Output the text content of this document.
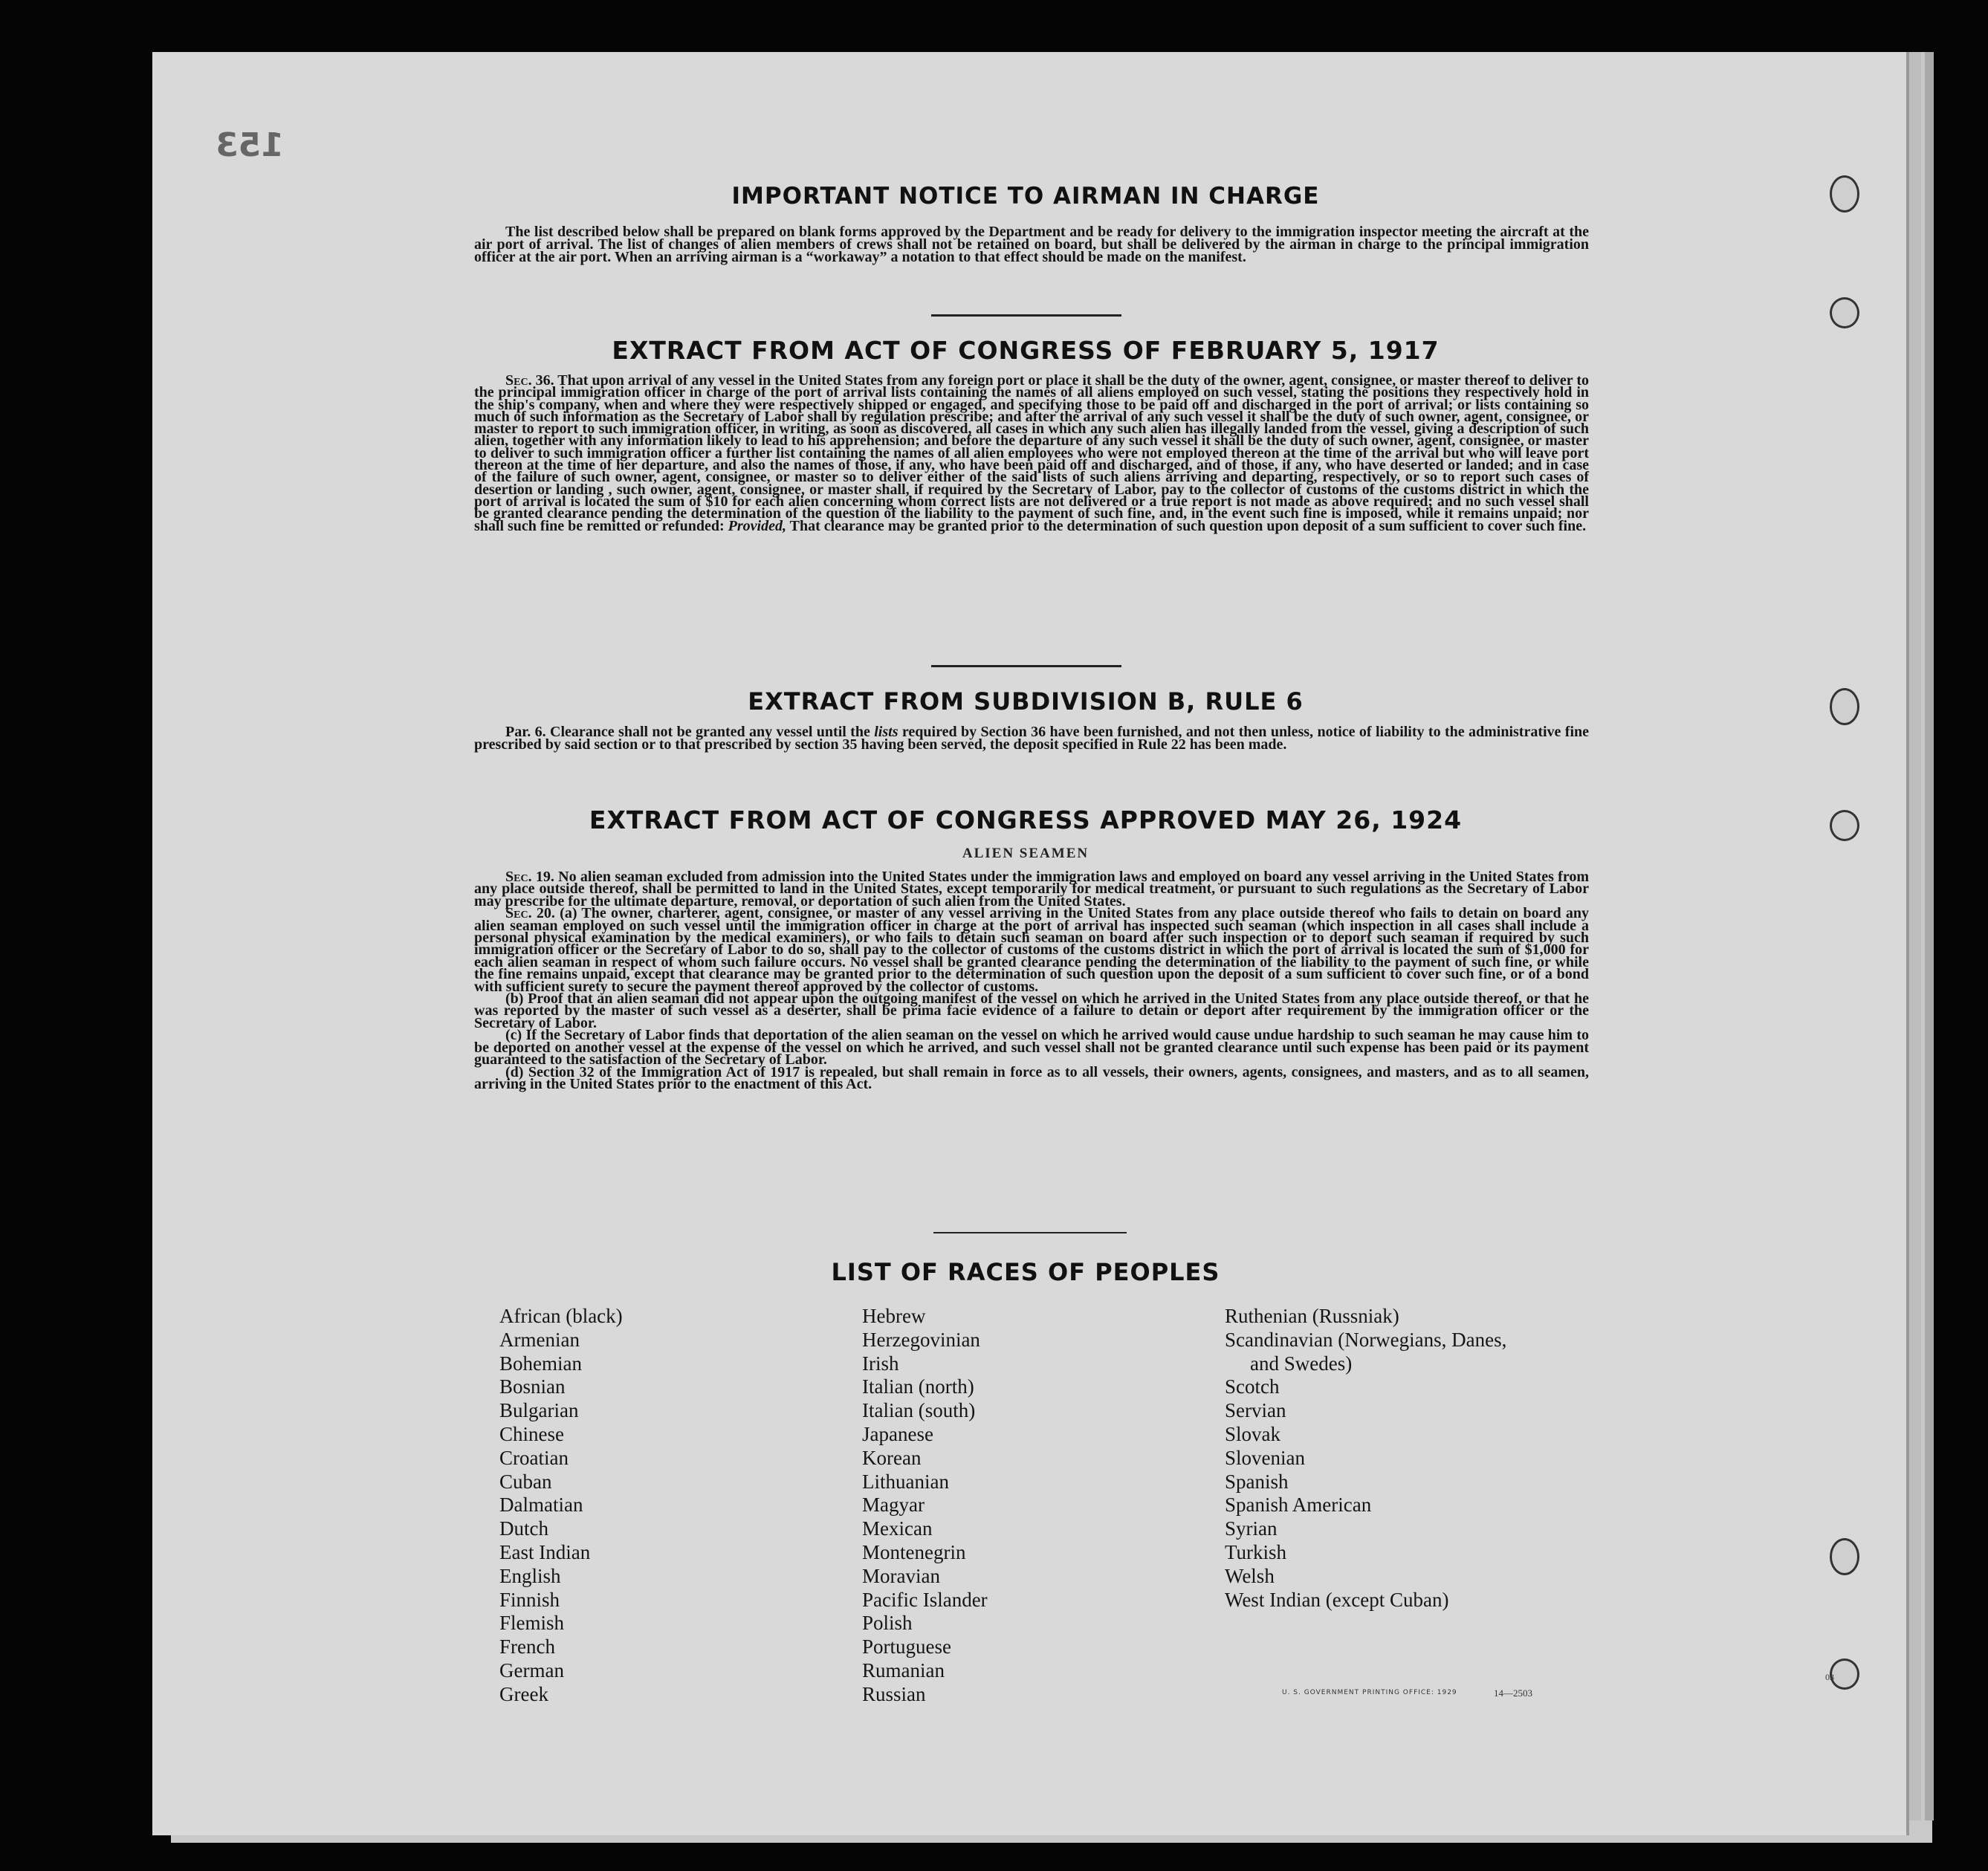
153
IMPORTANT NOTICE TO AIRMAN IN CHARGE

The list described below shall be prepared on blank forms approved by the Department and be ready for delivery to the immigration inspector meeting the aircraft at the air port of arrival. The list of changes of alien members of crews shall not be retained on board, but shall be delivered by the airman in charge to the principal immigration officer at the air port. When an arriving airman is a “workaway” a notation to that effect should be made on the manifest.

EXTRACT FROM ACT OF CONGRESS OF FEBRUARY 5, 1917

Sec. 36. That upon arrival of any vessel in the United States from any foreign port or place it shall be the duty of the owner, agent, consignee, or master thereof to deliver to the principal immigration officer in charge of the port of arrival lists containing the names of all aliens employed on such vessel, stating the positions they respectively hold in the ship's company, when and where they were respectively shipped or engaged, and specifying those to be paid off and discharged in the port of arrival; or lists containing so much of such information as the Secretary of Labor shall by regulation prescribe; and after the arrival of any such vessel it shall be the duty of such owner, agent, consignee, or master to report to such immigration officer, in writing, as soon as discovered, all cases in which any such alien has illegally landed from the vessel, giving a description of such alien, together with any information likely to lead to his apprehension; and before the departure of any such vessel it shall be the duty of such owner, agent, consignee, or master to deliver to such immigration officer a further list containing the names of all alien employees who were not employed thereon at the time of the arrival but who will leave port thereon at the time of her departure, and also the names of those, if any, who have been paid off and discharged, and of those, if any, who have deserted or landed; and in case of the failure of such owner, agent, consignee, or master so to deliver either of the said lists of such aliens arriving and departing, respectively, or so to report such cases of desertion or landing , such owner, agent, consignee, or master shall, if required by the Secretary of Labor, pay to the collector of customs of the customs district in which the port of arrival is located the sum of $10 for each alien concerning whom correct lists are not delivered or a true report is not made as above required; and no such vessel shall be granted clearance pending the determination of the question of the liability to the payment of such fine, and, in the event such fine is imposed, while it remains unpaid; nor shall such fine be remitted or refunded: Provided, That clearance may be granted prior to the determination of such question upon deposit of a sum sufficient to cover such fine.

EXTRACT FROM SUBDIVISION B, RULE 6

Par. 6. Clearance shall not be granted any vessel until the lists required by Section 36 have been furnished, and not then unless, notice of liability to the administrative fine prescribed by said section or to that prescribed by section 35 having been served, the deposit specified in Rule 22 has been made.

EXTRACT FROM ACT OF CONGRESS APPROVED MAY 26, 1924
ALIEN SEAMEN

Sec. 19. No alien seaman excluded from admission into the United States under the immigration laws and employed on board any vessel arriving in the United States from any place outside thereof, shall be permitted to land in the United States, except temporarily for medical treatment, or pursuant to such regulations as the Secretary of Labor may prescribe for the ultimate departure, removal, or deportation of such alien from the United States.

Sec. 20. (a) The owner, charterer, agent, consignee, or master of any vessel arriving in the United States from any place outside thereof who fails to detain on board any alien seaman employed on such vessel until the immigration officer in charge at the port of arrival has inspected such seaman (which inspection in all cases shall include a personal physical examination by the medical examiners), or who fails to detain such seaman on board after such inspection or to deport such seaman if required by such immigration officer or the Secretary of Labor to do so, shall pay to the collector of customs of the customs district in which the port of arrival is located the sum of $1,000 for each alien seaman in respect of whom such failure occurs. No vessel shall be granted clearance pending the determination of the liability to the payment of such fine, or while the fine remains unpaid, except that clearance may be granted prior to the determination of such question upon the deposit of a sum sufficient to cover such fine, or of a bond with sufficient surety to secure the payment thereof approved by the collector of customs.

(b) Proof that an alien seaman did not appear upon the outgoing manifest of the vessel on which he arrived in the United States from any place outside thereof, or that he was reported by the master of such vessel as a deserter, shall be prima facie evidence of a failure to detain or deport after requirement by the immigration officer or the Secretary of Labor.

(c) If the Secretary of Labor finds that deportation of the alien seaman on the vessel on which he arrived would cause undue hardship to such seaman he may cause him to be deported on another vessel at the expense of the vessel on which he arrived, and such vessel shall not be granted clearance until such expense has been paid or its payment guaranteed to the satisfaction of the Secretary of Labor.

(d) Section 32 of the Immigration Act of 1917 is repealed, but shall remain in force as to all vessels, their owners, agents, consignees, and masters, and as to all seamen, arriving in the United States prior to the enactment of this Act.

LIST OF RACES OF PEOPLES
African (black)
Armenian
Bohemian
Bosnian
Bulgarian
Chinese
Croatian
Cuban
Dalmatian
Dutch
East Indian
English
Finnish
Flemish
French
German
Greek
Hebrew
Herzegovinian
Irish
Italian (north)
Italian (south)
Japanese
Korean
Lithuanian
Magyar
Mexican
Montenegrin
Moravian
Pacific Islander
Polish
Portuguese
Rumanian
Russian
Ruthenian (Russniak)
Scandinavian (Norwegians, Danes,
and Swedes)
Scotch
Servian
Slovak
Slovenian
Spanish
Spanish American
Syrian
Turkish
Welsh
West Indian (except Cuban)
U. S. GOVERNMENT PRINTING OFFICE: 1929	14—2503
03
